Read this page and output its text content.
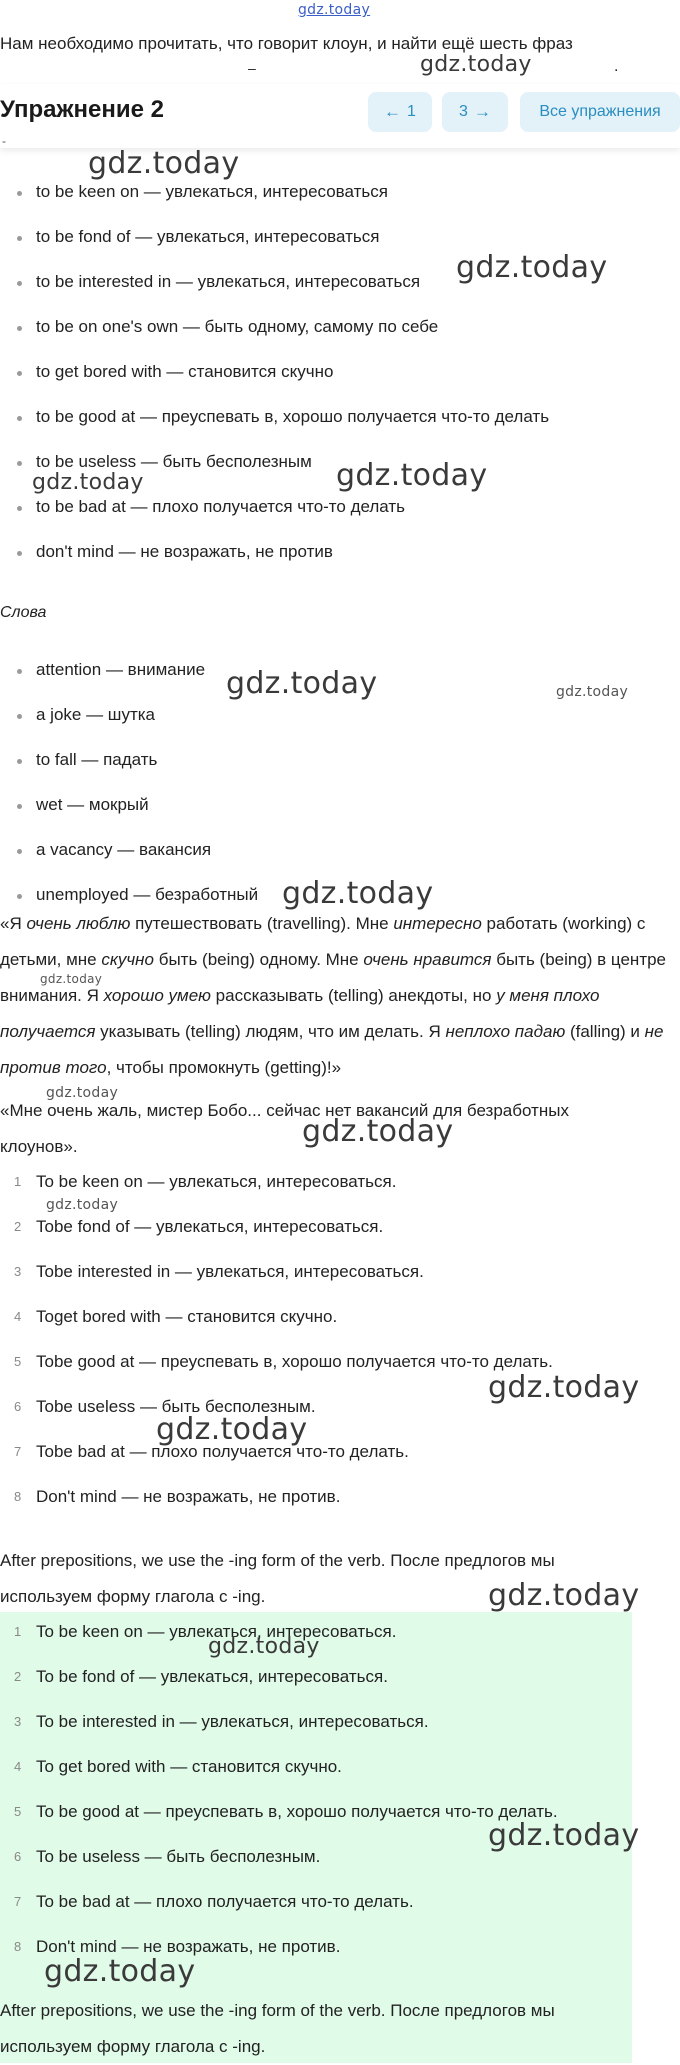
gdz.today
Нам необходимо прочитать, что говорит клоун, и найти ещё шесть фраз
–	.
Упражнение 2	← 1	3 →	Все упражнения
-
to be keen on — увлекаться, интересоваться
to be fond of — увлекаться, интересоваться
to be interested in — увлекаться, интересоваться
to be on one's own — быть одному, самому по себе
to get bored with — становится скучно
to be good at — преуспевать в, хорошо получается что-то делать
to be useless — быть бесполезным
to be bad at — плохо получается что-то делать
don't mind — не возражать, не против
Слова
attention — внимание
a joke — шутка
to fall — падать
wet — мокрый
a vacancy — вакансия
unemployed — безработный
«Я очень люблю путешествовать (travelling). Мне интересно работать (working) с детьми, мне скучно быть (being) одному. Мне очень нравится быть (being) в центре внимания. Я хорошо умею рассказывать (telling) анекдоты, но у меня плохо получается указывать (telling) людям, что им делать. Я неплохо падаю (falling) и не против того, чтобы промокнуть (getting)!»
«Мне очень жаль, мистер Бобо... сейчас нет вакансий для безработных клоунов».
1 To be keen on — увлекаться, интересоваться.
2 Tobe fond of — увлекаться, интересоваться.
3 Tobe interested in — увлекаться, интересоваться.
4 Toget bored with — становится скучно.
5 Tobe good at — преуспевать в, хорошо получается что-то делать.
6 Tobe useless — быть бесполезным.
7 Tobe bad at — плохо получается что-то делать.
8 Don't mind — не возражать, не против.
After prepositions, we use the -ing form of the verb. После предлогов мы используем форму глагола с -ing.
1 To be keen on — увлекаться, интересоваться.
2 To be fond of — увлекаться, интересоваться.
3 To be interested in — увлекаться, интересоваться.
4 To get bored with — становится скучно.
5 To be good at — преуспевать в, хорошо получается что-то делать.
6 To be useless — быть бесполезным.
7 To be bad at — плохо получается что-то делать.
8 Don't mind — не возражать, не против.
After prepositions, we use the -ing form of the verb. После предлогов мы используем форму глагола с -ing.
gdz.today
gdz.today
gdz.today
gdz.today
gdz.today
gdz.today	gdz.today
gdz.today
gdz.today
gdz.today
gdz.today
gdz.today
gdz.today
gdz.today
gdz.today
gdz.today
gdz.today
gdz.today
